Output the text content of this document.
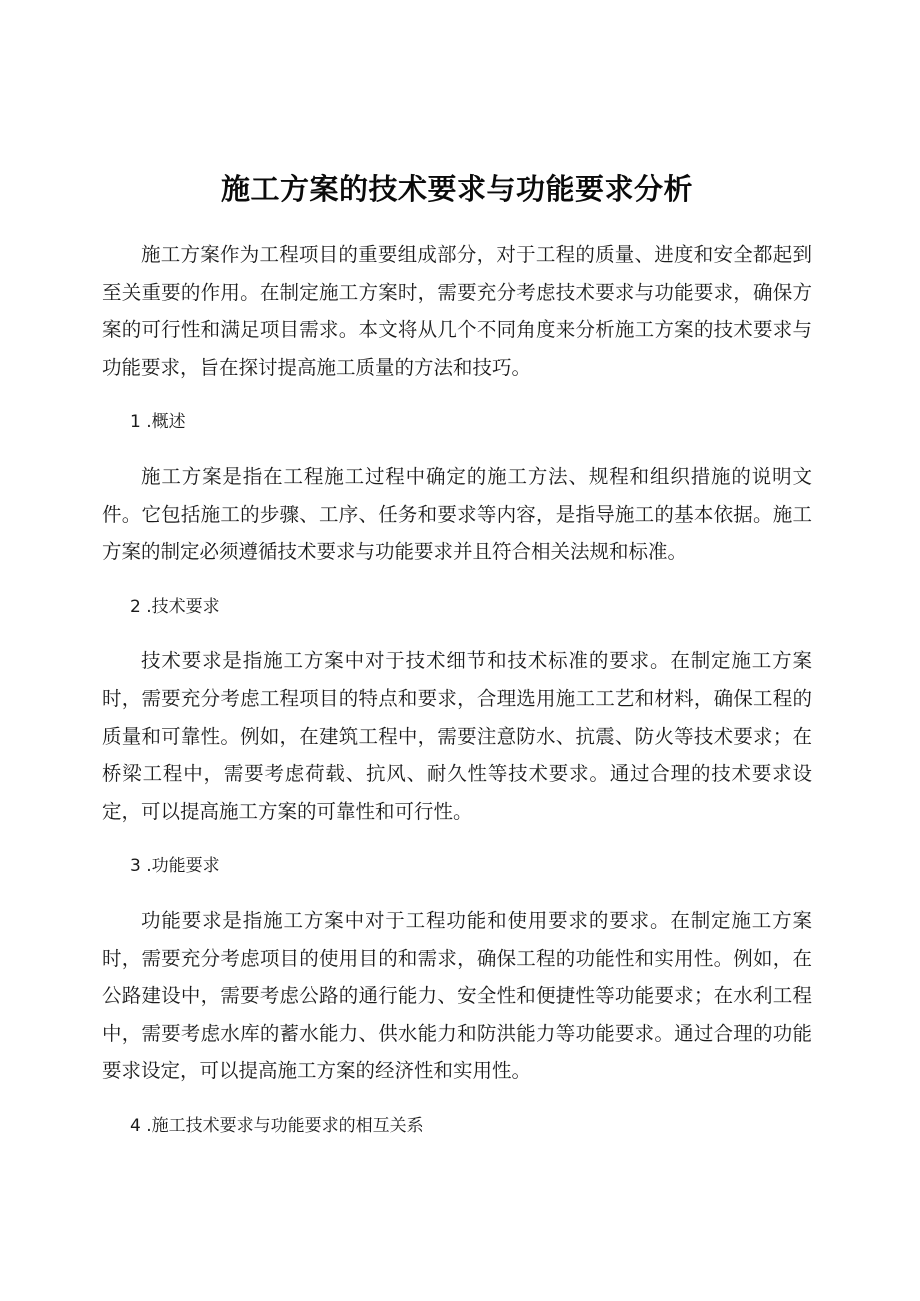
施工方案的技术要求与功能要求分析

施工方案作为工程项目的重要组成部分，对于工程的质量、进度和安全都起到至关重要的作用。在制定施工方案时，需要充分考虑技术要求与功能要求，确保方案的可行性和满足项目需求。本文将从几个不同角度来分析施工方案的技术要求与功能要求，旨在探讨提高施工质量的方法和技巧。

1 .概述

施工方案是指在工程施工过程中确定的施工方法、规程和组织措施的说明文件。它包括施工的步骤、工序、任务和要求等内容，是指导施工的基本依据。施工方案的制定必须遵循技术要求与功能要求并且符合相关法规和标准。

2 .技术要求

技术要求是指施工方案中对于技术细节和技术标准的要求。在制定施工方案时，需要充分考虑工程项目的特点和要求，合理选用施工工艺和材料，确保工程的质量和可靠性。例如，在建筑工程中，需要注意防水、抗震、防火等技术要求；在桥梁工程中，需要考虑荷载、抗风、耐久性等技术要求。通过合理的技术要求设定，可以提高施工方案的可靠性和可行性。

3 .功能要求

功能要求是指施工方案中对于工程功能和使用要求的要求。在制定施工方案时，需要充分考虑项目的使用目的和需求，确保工程的功能性和实用性。例如，在公路建设中，需要考虑公路的通行能力、安全性和便捷性等功能要求；在水利工程中，需要考虑水库的蓄水能力、供水能力和防洪能力等功能要求。通过合理的功能要求设定，可以提高施工方案的经济性和实用性。

4 .施工技术要求与功能要求的相互关系
